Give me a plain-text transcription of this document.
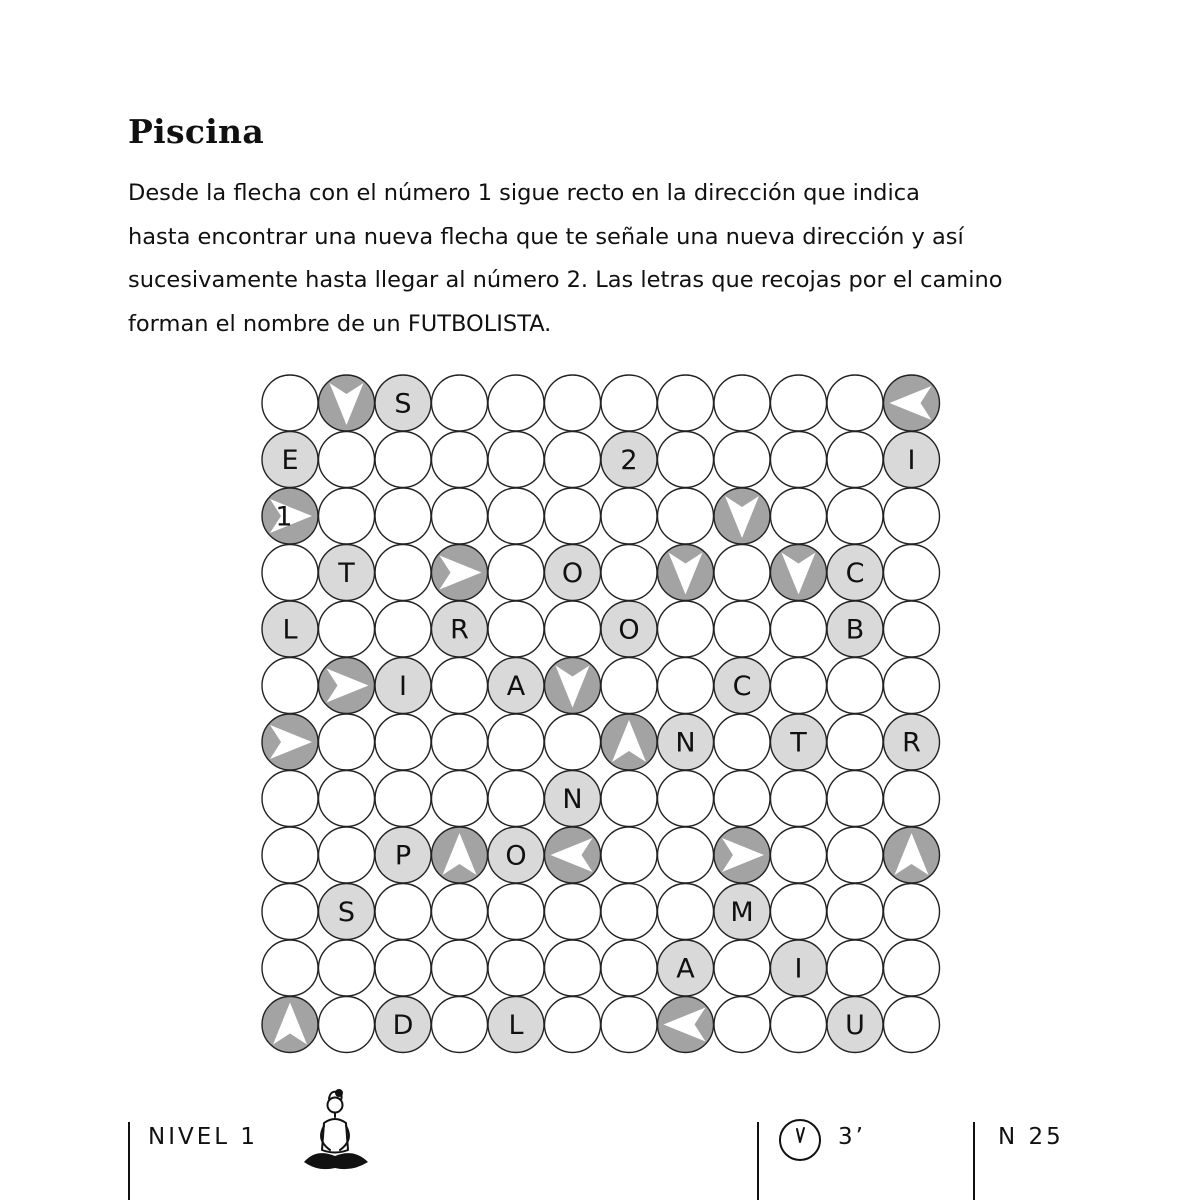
Piscina
Desde la flecha con el número 1 sigue recto en la dirección que indica
hasta encontrar una nueva flecha que te señale una nueva dirección y así
sucesivamente hasta llegar al número 2. Las letras que recojas por el camino
forman el nombre de un FUTBOLISTA.
S
E	2	I
1
T	O	C
L	R	O	B
I	A	C
N	T	R
N
P	O
S	M
A	I
D	L	U
NIVEL 1	3’	N 25
